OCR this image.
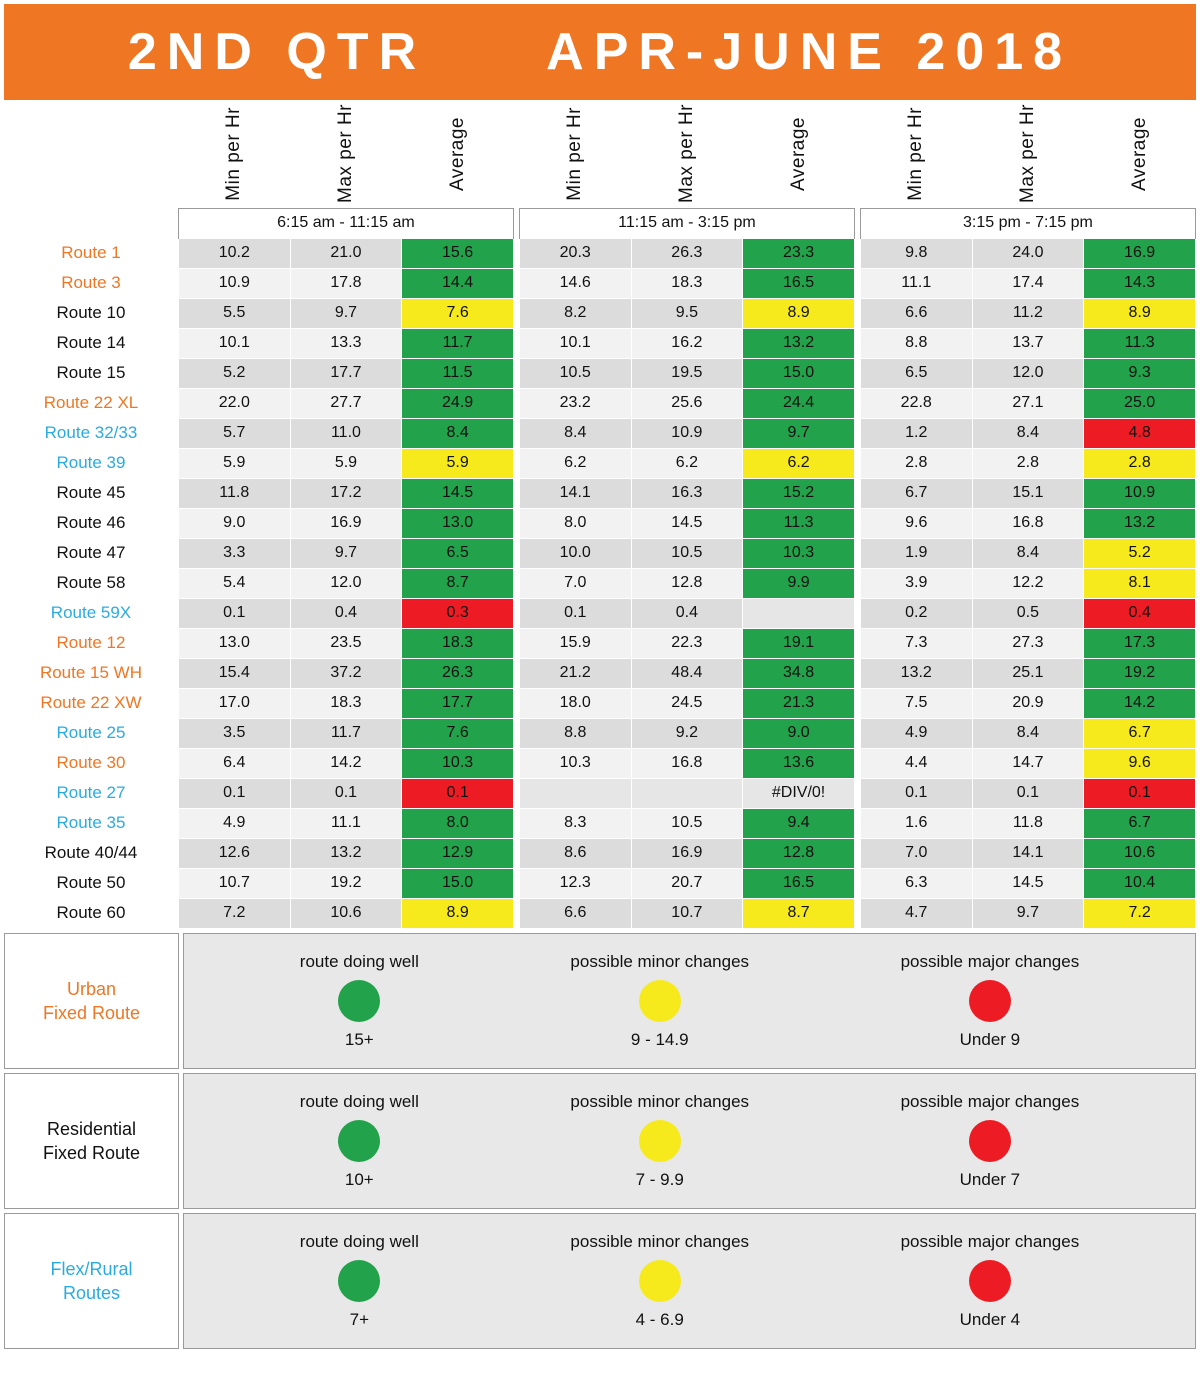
2ND QTR APR-JUNE 2018
	Min per Hr	Max per Hr	Average		Min per Hr	Max per Hr	Average		Min per Hr	Max per Hr	Average
	6:15 am - 11:15 am				11:15 am - 3:15 pm				3:15 pm - 7:15 pm		
Route 1	10.2	21.0	15.6		20.3	26.3	23.3		9.8	24.0	16.9
Route 3	10.9	17.8	14.4		14.6	18.3	16.5		11.1	17.4	14.3
Route 10	5.5	9.7	7.6		8.2	9.5	8.9		6.6	11.2	8.9
Route 14	10.1	13.3	11.7		10.1	16.2	13.2		8.8	13.7	11.3
Route 15	5.2	17.7	11.5		10.5	19.5	15.0		6.5	12.0	9.3
Route 22 XL	22.0	27.7	24.9		23.2	25.6	24.4		22.8	27.1	25.0
Route 32/33	5.7	11.0	8.4		8.4	10.9	9.7		1.2	8.4	4.8
Route 39	5.9	5.9	5.9		6.2	6.2	6.2		2.8	2.8	2.8
Route 45	11.8	17.2	14.5		14.1	16.3	15.2		6.7	15.1	10.9
Route 46	9.0	16.9	13.0		8.0	14.5	11.3		9.6	16.8	13.2
Route 47	3.3	9.7	6.5		10.0	10.5	10.3		1.9	8.4	5.2
Route 58	5.4	12.0	8.7		7.0	12.8	9.9		3.9	12.2	8.1
Route 59X	0.1	0.4	0.3		0.1	0.4			0.2	0.5	0.4
Route 12	13.0	23.5	18.3		15.9	22.3	19.1		7.3	27.3	17.3
Route 15 WH	15.4	37.2	26.3		21.2	48.4	34.8		13.2	25.1	19.2
Route 22 XW	17.0	18.3	17.7		18.0	24.5	21.3		7.5	20.9	14.2
Route 25	3.5	11.7	7.6		8.8	9.2	9.0		4.9	8.4	6.7
Route 30	6.4	14.2	10.3		10.3	16.8	13.6		4.4	14.7	9.6
Route 27	0.1	0.1	0.1				#DIV/0!		0.1	0.1	0.1
Route 35	4.9	11.1	8.0		8.3	10.5	9.4		1.6	11.8	6.7
Route 40/44	12.6	13.2	12.9		8.6	16.9	12.8		7.0	14.1	10.6
Route 50	10.7	19.2	15.0		12.3	20.7	16.5		6.3	14.5	10.4
Route 60	7.2	10.6	8.9		6.6	10.7	8.7		4.7	9.7	7.2
Urban
Fixed Route
route doing well
15+
possible minor changes
9 - 14.9
possible major changes
Under 9
Residential
Fixed Route
route doing well
10+
possible minor changes
7 - 9.9
possible major changes
Under 7
Flex/Rural
Routes
route doing well
7+
possible minor changes
4 - 6.9
possible major changes
Under 4
